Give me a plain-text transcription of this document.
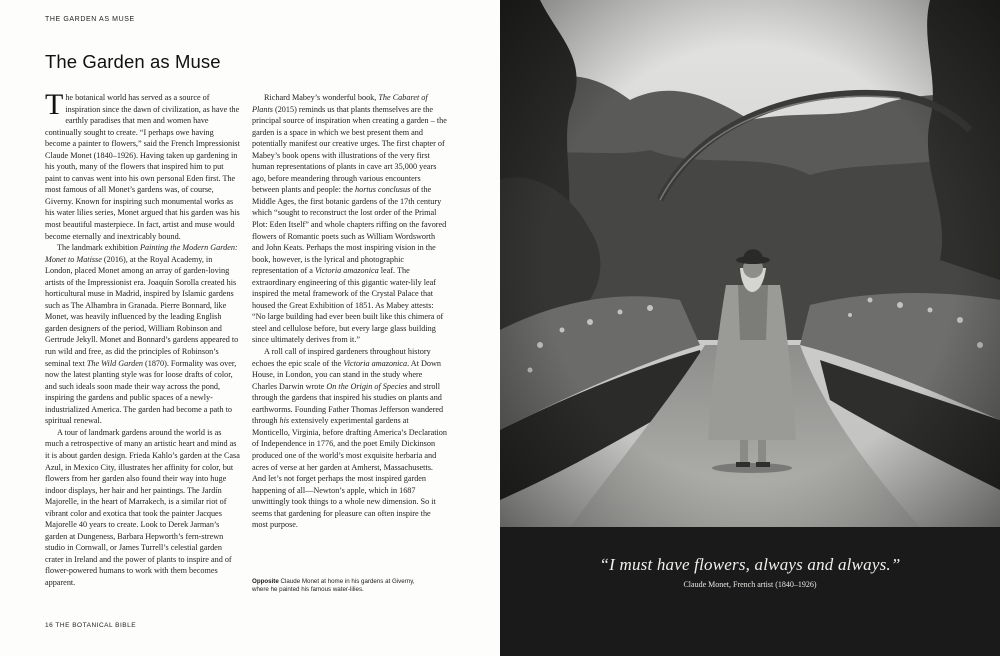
THE GARDEN AS MUSE
The Garden as Muse

The botanical world has served as a source of inspiration since the dawn of civilization, as have the earthly paradises that men and women have continually sought to create. “I perhaps owe having become a painter to flowers,” said the French Impressionist Claude Monet (1840–1926). Having taken up gardening in his youth, many of the flowers that inspired him to put paint to canvas went into his own personal Eden first. The most famous of all Monet’s gardens was, of course, Giverny. Known for inspiring such monumental works as his water lilies series, Monet argued that his garden was his most beautiful masterpiece. In fact, artist and muse would become eternally and inextricably bound.

The landmark exhibition Painting the Modern Garden: Monet to Matisse (2016), at the Royal Academy, in London, placed Monet among an array of garden-loving artists of the Impressionist era. Joaquín Sorolla created his horticultural muse in Madrid, inspired by Islamic gardens such as The Alhambra in Granada. Pierre Bonnard, like Monet, was heavily influenced by the leading English garden designers of the period, William Robinson and Gertrude Jekyll. Monet and Bonnard’s gardens appeared to run wild and free, as did the principles of Robinson’s seminal text The Wild Garden (1870). Formality was over, now the latest planting style was for loose drafts of color, and such ideals soon made their way across the pond, inspiring the gardens and public spaces of a newly-industrialized America. The garden had become a path to spiritual renewal.

A tour of landmark gardens around the world is as much a retrospective of many an artistic heart and mind as it is about garden design. Frieda Kahlo’s garden at the Casa Azul, in Mexico City, illustrates her affinity for color, but flowers from her garden also found their way into huge indoor displays, her hair and her paintings. The Jardín Majorelle, in the heart of Marrakech, is a similar riot of vibrant color and exotica that took the painter Jacques Majorelle 40 years to create. Look to Derek Jarman’s garden at Dungeness, Barbara Hepworth’s fern-strewn studio in Cornwall, or James Turrell’s celestial garden crater in Ireland and the power of plants to inspire and of flower-powered humans to work with them becomes apparent.

Richard Mabey’s wonderful book, The Cabaret of Plants (2015) reminds us that plants themselves are the principal source of inspiration when creating a garden – the garden is a space in which we best present them and potentially manifest our creative urges. The first chapter of Mabey’s book opens with illustrations of the very first human representations of plants in cave art 35,000 years ago, before meandering through various encounters between plants and people: the hortus conclusus of the Middle Ages, the first botanic gardens of the 17th century which “sought to reconstruct the lost order of the Primal Plot: Eden Itself” and whole chapters riffing on the favored flowers of Romantic poets such as William Wordsworth and John Keats. Perhaps the most inspiring vision in the book, however, is the lyrical and photographic representation of a Victoria amazonica leaf. The extraordinary engineering of this gigantic water-lily leaf inspired the metal framework of the Crystal Palace that housed the Great Exhibition of 1851. As Mabey attests: “No large building had ever been built like this chimera of steel and cellulose before, but every large glass building since ultimately derives from it.”

A roll call of inspired gardeners throughout history echoes the epic scale of the Victoria amazonica. At Down House, in London, you can stand in the study where Charles Darwin wrote On the Origin of Species and stroll through the gardens that inspired his studies on plants and earthworms. Founding Father Thomas Jefferson wandered through his extensively experimental gardens at Monticello, Virginia, before drafting America’s Declaration of Independence in 1776, and the poet Emily Dickinson produced one of the world’s most exquisite herbaria and acres of verse at her garden at Amherst, Massachusetts. And let’s not forget perhaps the most inspired garden happening of all—Newton’s apple, which in 1687 unwittingly took things to a whole new dimension. So it seems that gardening for pleasure can often inspire the most purpose.

Opposite Claude Monet at home in his gardens at Giverny, where he painted his famous water-lilies.
16 THE BOTANICAL BIBLE
“I must have flowers, always and always.”
Claude Monet, French artist (1840–1926)
